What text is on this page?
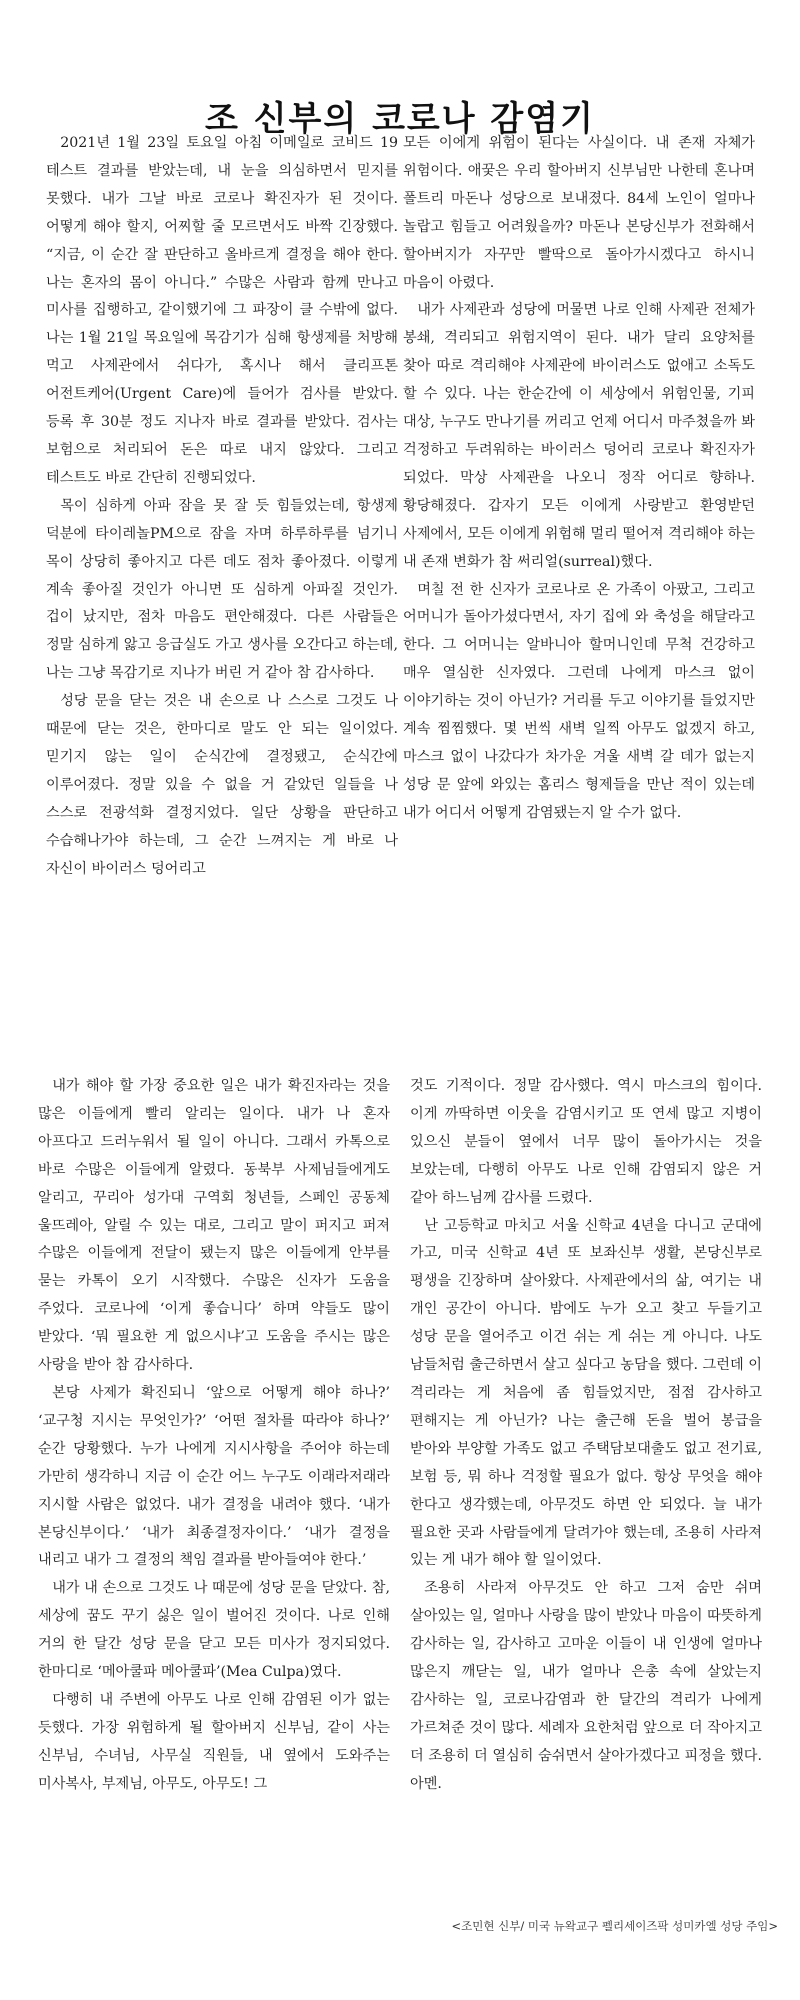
조 신부의 코로나 감염기

2021년 1월 23일 토요일 아침 이메일로 코비드 19 테스트 결과를 받았는데, 내 눈을 의심하면서 믿지를 못했다. 내가 그날 바로 코로나 확진자가 된 것이다. 어떻게 해야 할지, 어찌할 줄 모르면서도 바짝 긴장했다. “지금, 이 순간 잘 판단하고 올바르게 결정을 해야 한다. 나는 혼자의 몸이 아니다.” 수많은 사람과 함께 만나고 미사를 집행하고, 같이했기에 그 파장이 클 수밖에 없다. 나는 1월 21일 목요일에 목감기가 심해 항생제를 처방해 먹고 사제관에서 쉬다가, 혹시나 해서 클리프톤 어전트케어(Urgent Care)에 들어가 검사를 받았다. 등록 후 30분 정도 지나자 바로 결과를 받았다. 검사는 보험으로 처리되어 돈은 따로 내지 않았다. 그리고 테스트도 바로 간단히 진행되었다.

목이 심하게 아파 잠을 못 잘 듯 힘들었는데, 항생제 덕분에 타이레놀PM으로 잠을 자며 하루하루를 넘기니 목이 상당히 좋아지고 다른 데도 점차 좋아졌다. 이렇게 계속 좋아질 것인가 아니면 또 심하게 아파질 것인가. 겁이 났지만, 점차 마음도 편안해졌다. 다른 사람들은 정말 심하게 앓고 응급실도 가고 생사를 오간다고 하는데, 나는 그냥 목감기로 지나가 버린 거 같아 참 감사하다.

성당 문을 닫는 것은 내 손으로 나 스스로 그것도 나 때문에 닫는 것은, 한마디로 말도 안 되는 일이었다. 믿기지 않는 일이 순식간에 결정됐고, 순식간에 이루어졌다. 정말 있을 수 없을 거 같았던 일들을 나 스스로 전광석화 결정지었다. 일단 상황을 판단하고 수습해나가야 하는데, 그 순간 느껴지는 게 바로 나 자신이 바이러스 덩어리고

모든 이에게 위험이 된다는 사실이다. 내 존재 자체가 위험이다. 애꿎은 우리 할아버지 신부님만 나한테 혼나며 폴트리 마돈나 성당으로 보내졌다. 84세 노인이 얼마나 놀랍고 힘들고 어려웠을까? 마돈나 본당신부가 전화해서 할아버지가 자꾸만 빨딱으로 돌아가시겠다고 하시니 마음이 아렸다.

내가 사제관과 성당에 머물면 나로 인해 사제관 전체가 봉쇄, 격리되고 위험지역이 된다. 내가 달리 요양처를 찾아 따로 격리해야 사제관에 바이러스도 없애고 소독도 할 수 있다. 나는 한순간에 이 세상에서 위험인물, 기피 대상, 누구도 만나기를 꺼리고 언제 어디서 마주쳤을까 봐 걱정하고 두려워하는 바이러스 덩어리 코로나 확진자가 되었다. 막상 사제관을 나오니 정작 어디로 향하나. 황당해졌다. 갑자기 모든 이에게 사랑받고 환영받던 사제에서, 모든 이에게 위험해 멀리 떨어져 격리해야 하는 내 존재 변화가 참 써리얼(surreal)했다.

며칠 전 한 신자가 코로나로 온 가족이 아팠고, 그리고 어머니가 돌아가셨다면서, 자기 집에 와 축성을 해달라고 한다. 그 어머니는 알바니아 할머니인데 무척 건강하고 매우 열심한 신자였다. 그런데 나에게 마스크 없이 이야기하는 것이 아닌가? 거리를 두고 이야기를 들었지만 계속 찜찜했다. 몇 번씩 새벽 일찍 아무도 없겠지 하고, 마스크 없이 나갔다가 차가운 겨울 새벽 갈 데가 없는지 성당 문 앞에 와있는 홈리스 형제들을 만난 적이 있는데 내가 어디서 어떻게 감염됐는지 알 수가 없다.

내가 해야 할 가장 중요한 일은 내가 확진자라는 것을 많은 이들에게 빨리 알리는 일이다. 내가 나 혼자 아프다고 드러누워서 될 일이 아니다. 그래서 카톡으로 바로 수많은 이들에게 알렸다. 동북부 사제님들에게도 알리고, 꾸리아 성가대 구역회 청년들, 스페인 공동체 울뜨레아, 알릴 수 있는 대로, 그리고 말이 퍼지고 퍼져 수많은 이들에게 전달이 됐는지 많은 이들에게 안부를 묻는 카톡이 오기 시작했다. 수많은 신자가 도움을 주었다. 코로나에 ‘이게 좋습니다’ 하며 약들도 많이 받았다. ‘뭐 필요한 게 없으시냐’고 도움을 주시는 많은 사랑을 받아 참 감사하다.

본당 사제가 확진되니 ‘앞으로 어떻게 해야 하나?’ ‘교구청 지시는 무엇인가?’ ‘어떤 절차를 따라야 하나?’ 순간 당황했다. 누가 나에게 지시사항을 주어야 하는데 가만히 생각하니 지금 이 순간 어느 누구도 이래라저래라 지시할 사람은 없었다. 내가 결정을 내려야 했다. ‘내가 본당신부이다.’ ‘내가 최종결정자이다.’ ‘내가 결정을 내리고 내가 그 결정의 책임 결과를 받아들여야 한다.’

내가 내 손으로 그것도 나 때문에 성당 문을 닫았다. 참, 세상에 꿈도 꾸기 싫은 일이 벌어진 것이다. 나로 인해 거의 한 달간 성당 문을 닫고 모든 미사가 정지되었다. 한마디로 ‘메아쿨파 메아쿨파’(Mea Culpa)였다.

다행히 내 주변에 아무도 나로 인해 감염된 이가 없는 듯했다. 가장 위험하게 될 할아버지 신부님, 같이 사는 신부님, 수녀님, 사무실 직원들, 내 옆에서 도와주는 미사복사, 부제님, 아무도, 아무도! 그

것도 기적이다. 정말 감사했다. 역시 마스크의 힘이다. 이게 까딱하면 이웃을 감염시키고 또 연세 많고 지병이 있으신 분들이 옆에서 너무 많이 돌아가시는 것을 보았는데, 다행히 아무도 나로 인해 감염되지 않은 거 같아 하느님께 감사를 드렸다.

난 고등학교 마치고 서울 신학교 4년을 다니고 군대에 가고, 미국 신학교 4년 또 보좌신부 생활, 본당신부로 평생을 긴장하며 살아왔다. 사제관에서의 삶, 여기는 내 개인 공간이 아니다. 밤에도 누가 오고 찾고 두들기고 성당 문을 열어주고 이건 쉬는 게 쉬는 게 아니다. 나도 남들처럼 출근하면서 살고 싶다고 농담을 했다. 그런데 이 격리라는 게 처음에 좀 힘들었지만, 점점 감사하고 편해지는 게 아닌가? 나는 출근해 돈을 벌어 봉급을 받아와 부양할 가족도 없고 주택담보대출도 없고 전기료, 보험 등, 뭐 하나 걱정할 필요가 없다. 항상 무엇을 해야 한다고 생각했는데, 아무것도 하면 안 되었다. 늘 내가 필요한 곳과 사람들에게 달려가야 했는데, 조용히 사라져 있는 게 내가 해야 할 일이었다.

조용히 사라져 아무것도 안 하고 그저 숨만 쉬며 살아있는 일, 얼마나 사랑을 많이 받았나 마음이 따뜻하게 감사하는 일, 감사하고 고마운 이들이 내 인생에 얼마나 많은지 깨닫는 일, 내가 얼마나 은총 속에 살았는지 감사하는 일, 코로나감염과 한 달간의 격리가 나에게 가르쳐준 것이 많다. 세례자 요한처럼 앞으로 더 작아지고 더 조용히 더 열심히 숨쉬면서 살아가겠다고 피정을 했다. 아멘.

<조민현 신부/ 미국 뉴왁교구 펠리세이즈팍 성미카엘 성당 주임>
